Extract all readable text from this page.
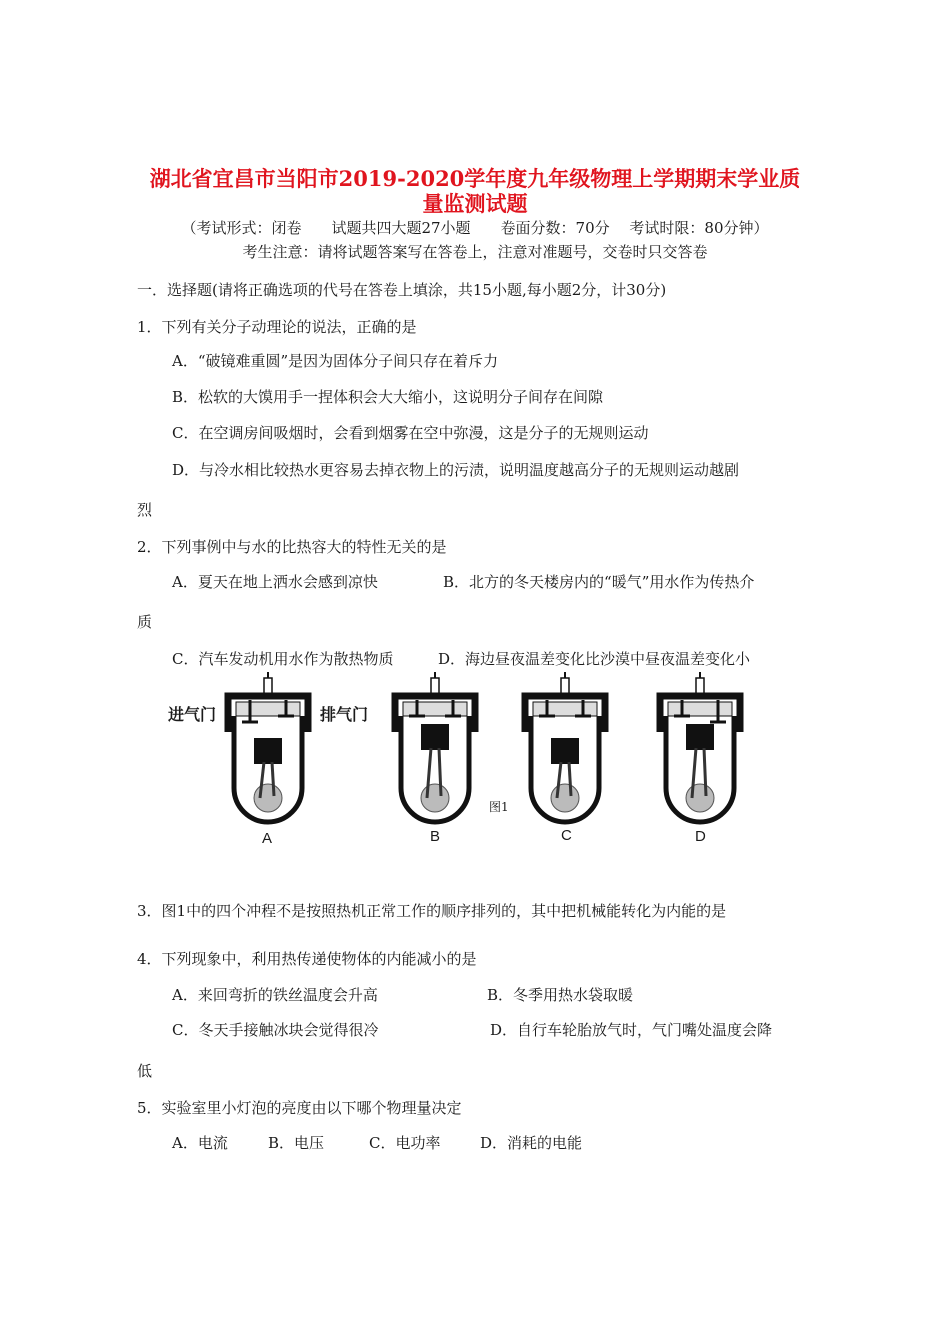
湖北省宜昌市当阳市2019-2020学年度九年级物理上学期期末学业质
量监测试题
（考试形式：闭卷　　试题共四大题27小题　　卷面分数：70分　 考试时限：80分钟）
考生注意：请将试题答案写在答卷上，注意对准题号，交卷时只交答卷
一．选择题(请将正确选项的代号在答卷上填涂，共15小题,每小题2分，计30分)
1．下列有关分子动理论的说法，正确的是
A．“破镜难重圆”是因为固体分子间只存在着斥力
B．松软的大馍用手一捏体积会大大缩小，这说明分子间存在间隙
C．在空调房间吸烟时，会看到烟雾在空中弥漫，这是分子的无规则运动
D．与冷水相比较热水更容易去掉衣物上的污渍，说明温度越高分子的无规则运动越剧
烈
2．下列事例中与水的比热容大的特性无关的是
A．夏天在地上洒水会感到凉快	B．北方的冬天楼房内的“暖气”用水作为传热介
质
C．汽车发动机用水作为散热物质	D．海边昼夜温差变化比沙漠中昼夜温差变化小
进气门	排气门
A	B	C	D
图1
3．图1中的四个冲程不是按照热机正常工作的顺序排列的，其中把机械能转化为内能的是
4．下列现象中，利用热传递使物体的内能减小的是
A．来回弯折的铁丝温度会升高	B．冬季用热水袋取暖
C．冬天手接触冰块会觉得很冷	D．自行车轮胎放气时，气门嘴处温度会降
低
5．实验室里小灯泡的亮度由以下哪个物理量决定
A．电流	B．电压	C．电功率	D．消耗的电能
